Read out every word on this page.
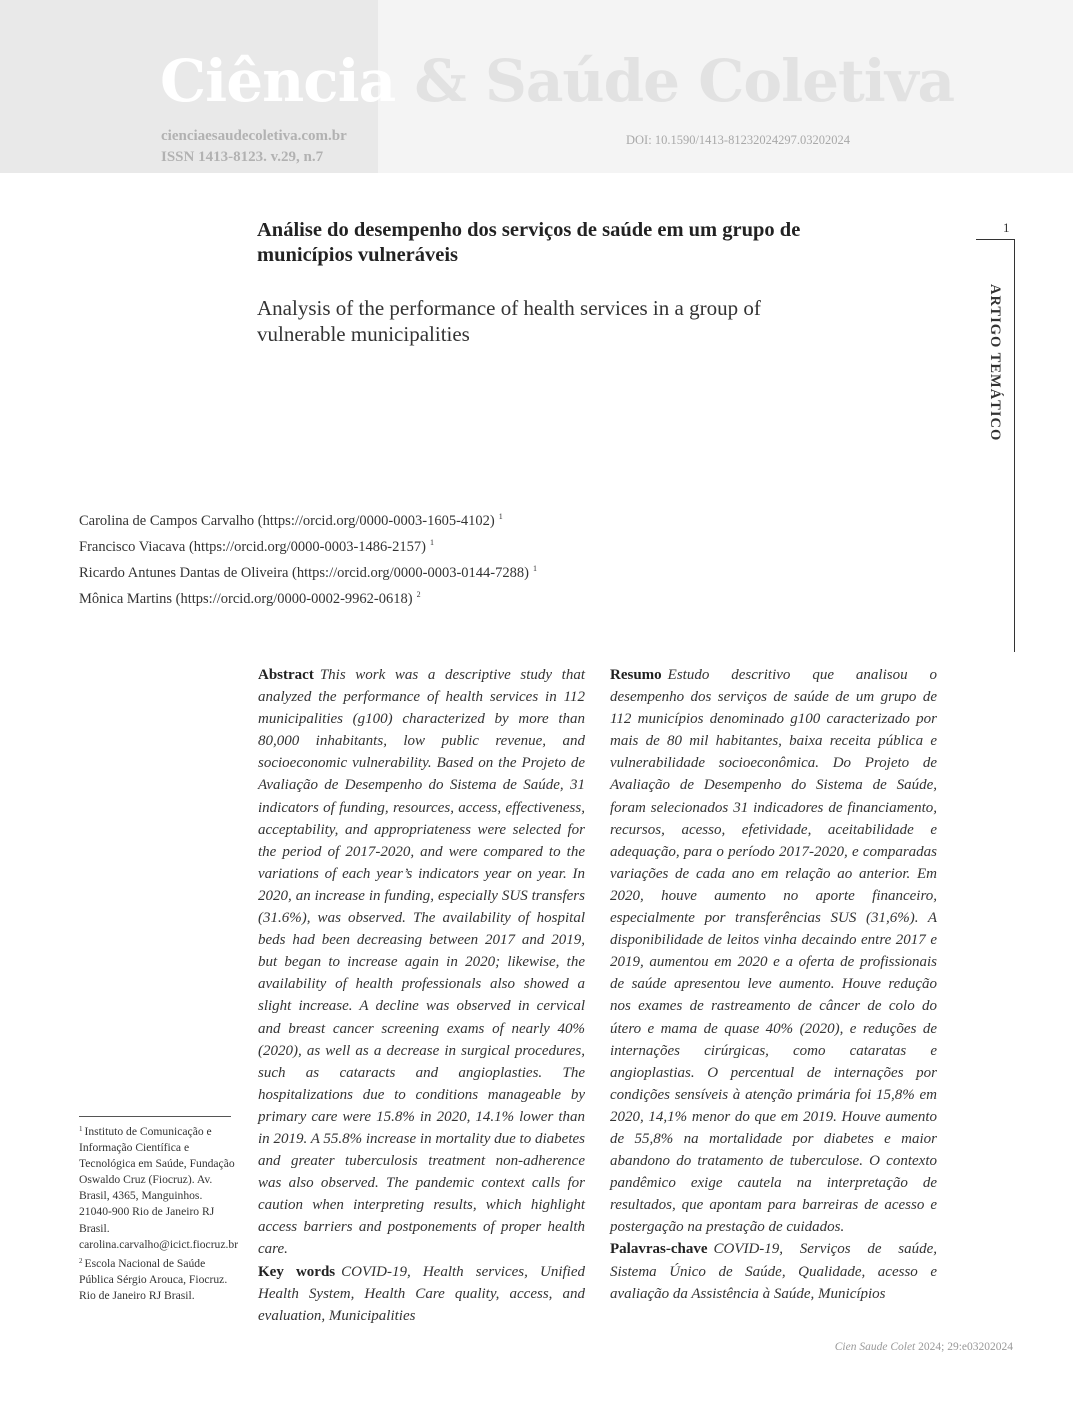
Ciência & Saúde Coletiva
cienciaesaudecoletiva.com.br
ISSN 1413-8123. v.29, n.7
DOI: 10.1590/1413-81232024297.03202024
1
ARTIGO TEMÁTICO
Análise do desempenho dos serviços de saúde em um grupo de municípios vulneráveis
Analysis of the performance of health services in a group of vulnerable municipalities
Carolina de Campos Carvalho (https://orcid.org/0000-0003-1605-4102) $^1$
Francisco Viacava (https://orcid.org/0000-0003-1486-2157) $^1$
Ricardo Antunes Dantas de Oliveira (https://orcid.org/0000-0003-0144-7288) $^1$
Mônica Martins (https://orcid.org/0000-0002-9962-0618) $^2$

Abstract This work was a descriptive study that analyzed the performance of health services in 112 municipalities (g100) characterized by more than 80,000 inhabitants, low public revenue, and socioeconomic vulnerability. Based on the Projeto de Avaliação de Desempenho do Sistema de Saúde, 31 indicators of funding, resources, access, effectiveness, acceptability, and appropriateness were selected for the period of 2017-2020, and were compared to the variations of each year’s indicators year on year. In 2020, an increase in funding, especially SUS transfers (31.6%), was observed. The availability of hospital beds had been decreasing between 2017 and 2019, but began to increase again in 2020; likewise, the availability of health professionals also showed a slight increase. A decline was observed in cervical and breast cancer screening exams of nearly 40% (2020), as well as a decrease in surgical procedures, such as cataracts and angioplasties. The hospitalizations due to conditions manageable by primary care were 15.8% in 2020, 14.1% lower than in 2019. A 55.8% increase in mortality due to diabetes and greater tuberculosis treatment non-adherence was also observed. The pandemic context calls for caution when interpreting results, which highlight access barriers and postponements of proper health care.

Key words COVID-19, Health services, Unified Health System, Health Care quality, access, and evaluation, Municipalities

Resumo Estudo descritivo que analisou o desempenho dos serviços de saúde de um grupo de 112 municípios denominado g100 caracterizado por mais de 80 mil habitantes, baixa receita pública e vulnerabilidade socioeconômica. Do Projeto de Avaliação de Desempenho do Sistema de Saúde, foram selecionados 31 indicadores de financiamento, recursos, acesso, efetividade, aceitabilidade e adequação, para o período 2017-2020, e comparadas variações de cada ano em relação ao anterior. Em 2020, houve aumento no aporte financeiro, especialmente por transferências SUS (31,6%). A disponibilidade de leitos vinha decaindo entre 2017 e 2019, aumentou em 2020 e a oferta de profissionais de saúde apresentou leve aumento. Houve redução nos exames de rastreamento de câncer de colo do útero e mama de quase 40% (2020), e reduções de internações cirúrgicas, como cataratas e angioplastias. O percentual de internações por condições sensíveis à atenção primária foi 15,8% em 2020, 14,1% menor do que em 2019. Houve aumento de 55,8% na mortalidade por diabetes e maior abandono do tratamento de tuberculose. O contexto pandêmico exige cautela na interpretação de resultados, que apontam para barreiras de acesso e postergação na prestação de cuidados.

Palavras-chave COVID-19, Serviços de saúde, Sistema Único de Saúde, Qualidade, acesso e avaliação da Assistência à Saúde, Municípios

$^1$ Instituto de Comunicação e Informação Científica e Tecnológica em Saúde, Fundação Oswaldo Cruz (Fiocruz). Av. Brasil, 4365, Manguinhos. 21040-900 Rio de Janeiro RJ Brasil. carolina.carvalho@icict.fiocruz.br

$^2$ Escola Nacional de Saúde Pública Sérgio Arouca, Fiocruz. Rio de Janeiro RJ Brasil.

Cien Saude Colet 2024; 29:e03202024
